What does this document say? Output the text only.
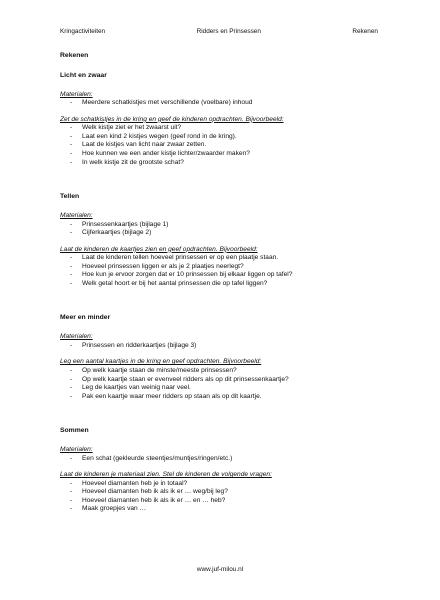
Kringactiviteiten	Ridders en Prinsessen	Rekenen

Rekenen

Licht en zwaar

Materialen:

- Meerdere schatkistjes met verschillende (voelbare) inhoud

Zet de schatkistjes in de kring en geef de kinderen opdrachten. Bijvoorbeeld:

- Welk kistje ziet er het zwaarst uit?
- Laat een kind 2 kistjes wegen (geef rond in de kring).
- Laat de kistjes van licht naar zwaar zetten.
- Hoe kunnen we een ander kistje lichter/zwaarder maken?
- In welk kistje zit de grootste schat?

Tellen

Materialen:

- Prinsessenkaartjes (bijlage 1)
- Cijferkaartjes (bijlage 2)

Laat de kinderen de kaartjes zien en geef opdrachten. Bijvoorbeeld:

- Laat de kinderen tellen hoeveel prinsessen er op een plaatje staan.
- Hoeveel prinsessen liggen er als je 2 plaatjes neerlegt?
- Hoe kun je ervoor zorgen dat er 10 prinsessen bij elkaar liggen op tafel?
- Welk getal hoort er bij het aantal prinsessen die op tafel liggen?

Meer en minder

Materialen:

- Prinsessen en ridderkaartjes (bijlage 3)

Leg een aantal kaartjes in de kring en geef opdrachten. Bijvoorbeeld:

- Op welk kaartje staan de minste/meeste prinsessen?
- Op welk kaartje staan er evenveel ridders als op dit prinsessenkaartje?
- Leg de kaartjes van weinig naar veel.
- Pak een kaartje waar meer ridders op staan als op dit kaartje.

Sommen

Materialen:

- Een schat (gekleurde steentjes/muntjes/ringen/etc.)

Laat de kinderen je materiaal zien. Stel de kinderen de volgende vragen:

- Hoeveel diamanten heb je in totaal?
- Hoeveel diamanten heb ik als ik er … weg/bij leg?
- Hoeveel diamanten heb ik als ik er … en … heb?
- Maak groepjes van …
www.juf-milou.nl
